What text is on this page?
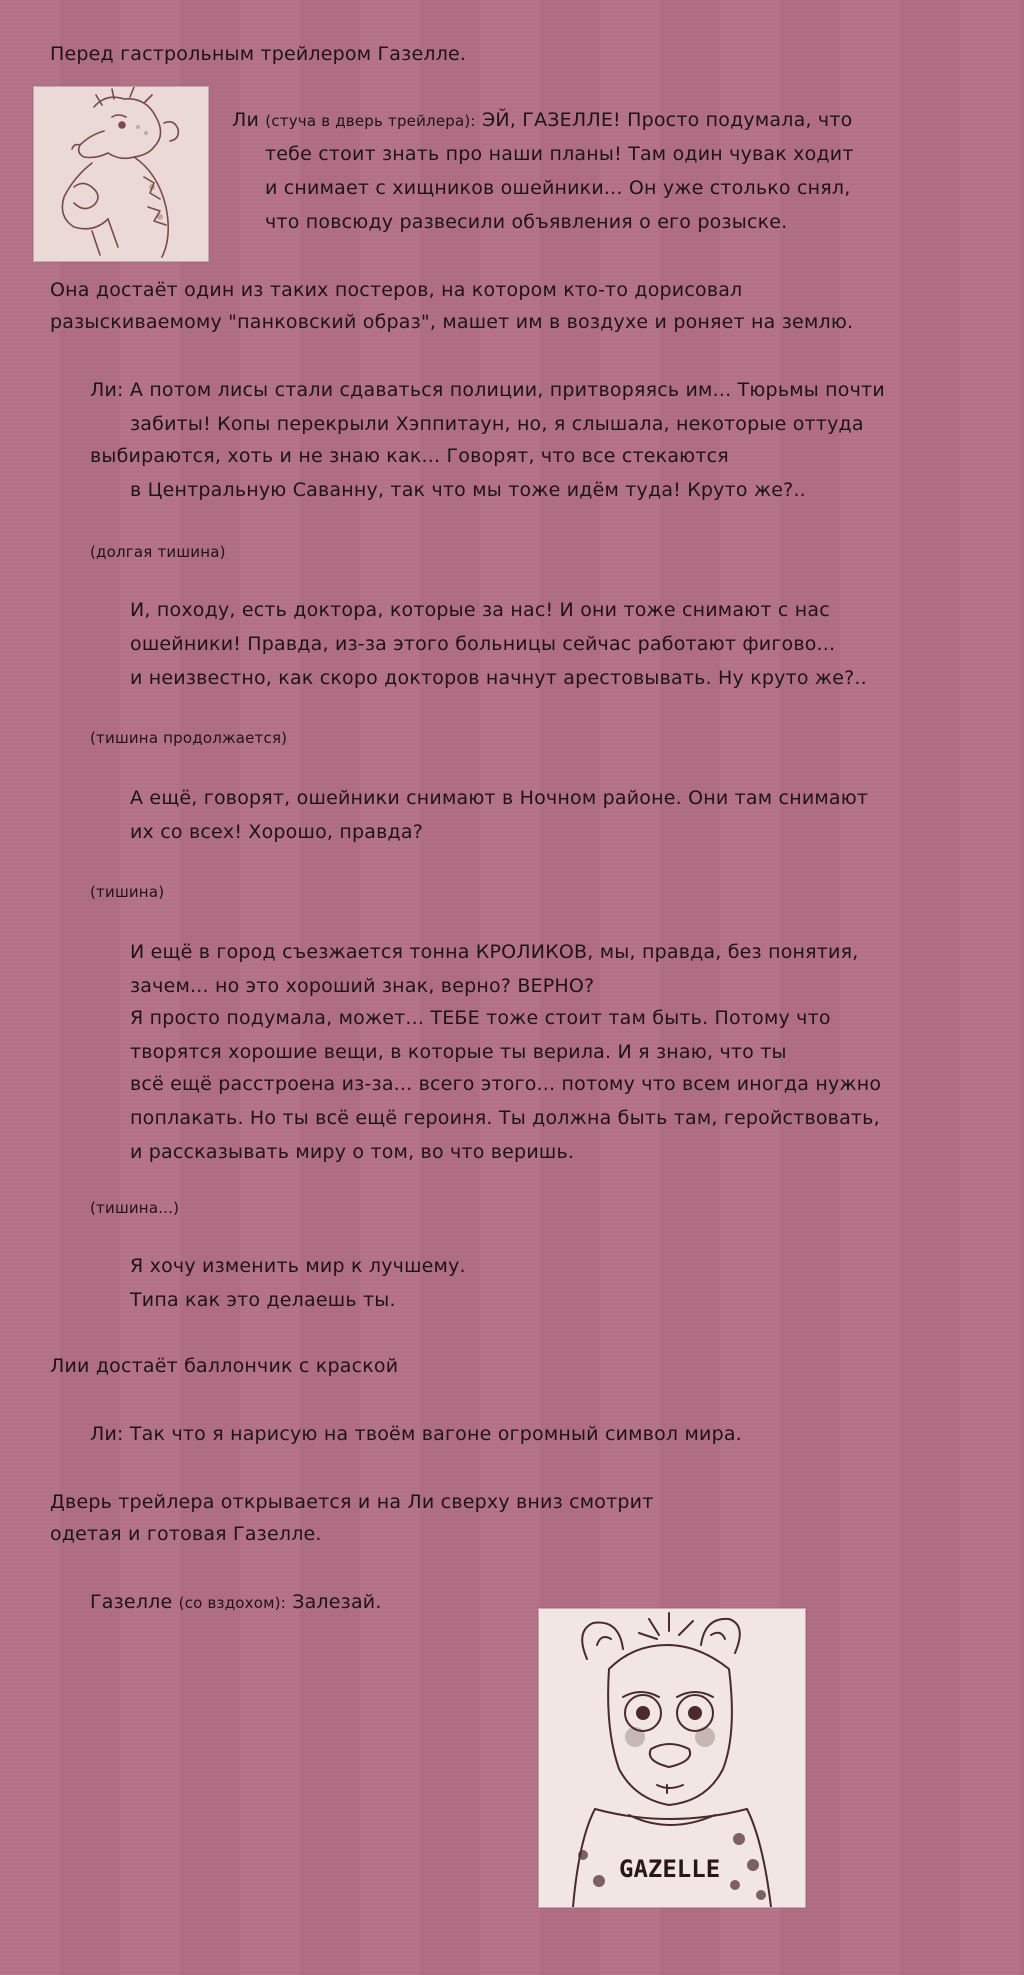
Перед гастрольным трейлером Газелле.

Ли (стуча в дверь трейлера): ЭЙ, ГАЗЕЛЛЕ! Просто подумала, что

тебе стоит знать про наши планы! Там один чувак ходит

и снимает с хищников ошейники... Он уже столько снял,

что повсюду развесили объявления о его розыске.

Она достаёт один из таких постеров, на котором кто-то дорисовал

разыскиваемому "панковский образ", машет им в воздухе и роняет на землю.

Ли: А потом лисы стали сдаваться полиции, притворяясь им... Тюрьмы почти

забиты! Копы перекрыли Хэппитаун, но, я слышала, некоторые оттуда

выбираются, хоть и не знаю как... Говорят, что все стекаются

в Центральную Саванну, так что мы тоже идём туда! Круто же?..

(долгая тишина)

И, походу, есть доктора, которые за нас! И они тоже снимают с нас

ошейники! Правда, из-за этого больницы сейчас работают фигово...

и неизвестно, как скоро докторов начнут арестовывать. Ну круто же?..

(тишина продолжается)

А ещё, говорят, ошейники снимают в Ночном районе. Они там снимают

их со всех! Хорошо, правда?

(тишина)

И ещё в город съезжается тонна КРОЛИКОВ, мы, правда, без понятия,

зачем... но это хороший знак, верно? ВЕРНО?

Я просто подумала, может... ТЕБЕ тоже стоит там быть. Потому что

творятся хорошие вещи, в которые ты верила. И я знаю, что ты

всё ещё расстроена из-за... всего этого... потому что всем иногда нужно

поплакать. Но ты всё ещё героиня. Ты должна быть там, геройствовать,

и рассказывать миру о том, во что веришь.

(тишина...)

Я хочу изменить мир к лучшему.

Типа как это делаешь ты.

Лии достаёт баллончик с краской

Ли: Так что я нарисую на твоём вагоне огромный символ мира.

Дверь трейлера открывается и на Ли сверху вниз смотрит

одетая и готовая Газелле.

Газелле (со вздохом): Залезай.

GAZELLE
